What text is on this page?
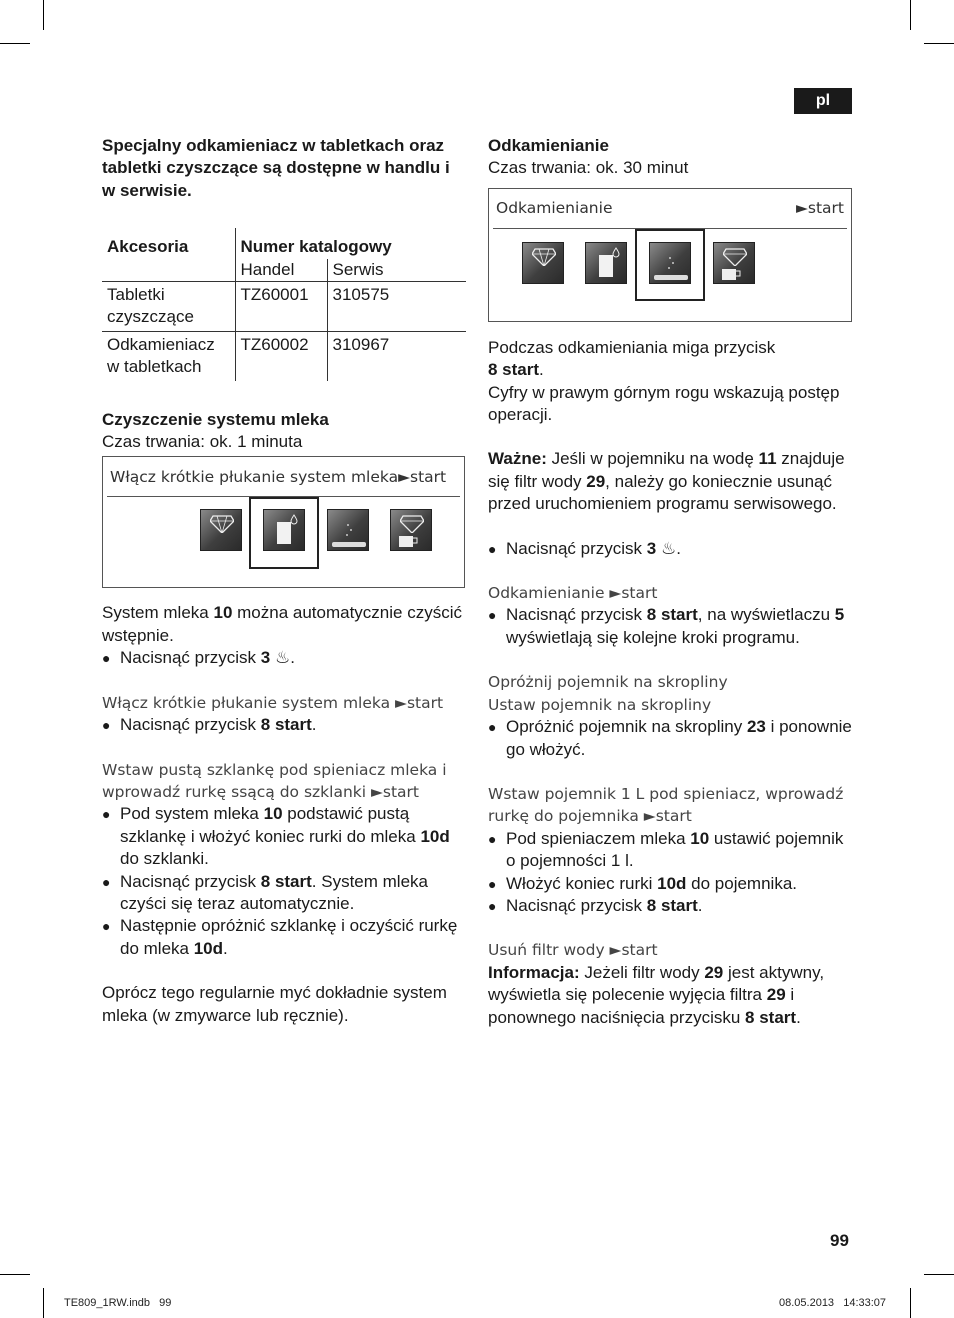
pl
Specjalny odkamieniacz w tabletkach oraz tabletki czyszczące są dostępne w handlu i w serwisie.
Akcesoria	Numer katalogowy	
	Handel	Serwis
Tabletki
czyszczące	TZ60001	310575
Odkamieniacz
w tabletkach	TZ60002	310967
Czyszczenie systemu mleka
Czas trwania: ok. 1 minuta
Włącz krótkie płukanie system mleka ►start
System mleka 10 można automatycznie czyścić wstępnie.
● Nacisnąć przycisk 3 ♨.
Włącz krótkie płukanie system mleka ►start
● Nacisnąć przycisk 8 start.
Wstaw pustą szklankę pod spieniacz mleka i wprowadź rurkę ssącą do szklanki ►start
● Pod system mleka 10 podstawić pustą szklankę i włożyć koniec rurki do mleka 10d do szklanki.
● Nacisnąć przycisk 8 start. System mleka czyści się teraz automatycznie.
● Następnie opróżnić szklankę i oczyścić rurkę do mleka 10d.
Oprócz tego regularnie myć dokładnie system mleka (w zmywarce lub ręcznie).
Odkamienianie
Czas trwania: ok. 30 minut
Odkamienianie	►start
Podczas odkamieniania miga przycisk
8 start.
Cyfry w prawym górnym rogu wskazują postęp operacji.
Ważne: Jeśli w pojemniku na wodę 11 znajduje się filtr wody 29, należy go koniecznie usunąć przed uruchomieniem programu serwisowego.
● Nacisnąć przycisk 3 ♨.
Odkamienianie ►start
● Nacisnąć przycisk 8 start, na wyświetlaczu 5 wyświetlają się kolejne kroki programu.
Opróżnij pojemnik na skropliny
Ustaw pojemnik na skropliny
● Opróżnić pojemnik na skropliny 23 i ponownie go włożyć.
Wstaw pojemnik 1 L pod spieniacz, wprowadź rurkę do pojemnika ►start
● Pod spieniaczem mleka 10 ustawić pojemnik o pojemności 1 l.
● Włożyć koniec rurki 10d do pojemnika.
● Nacisnąć przycisk 8 start.
Usuń filtr wody ►start
Informacja: Jeżeli filtr wody 29 jest aktywny, wyświetla się polecenie wyjęcia filtra 29 i ponownego naciśnięcia przycisku 8 start.
99
TE809_1RW.indb   99	08.05.2013   14:33:07
